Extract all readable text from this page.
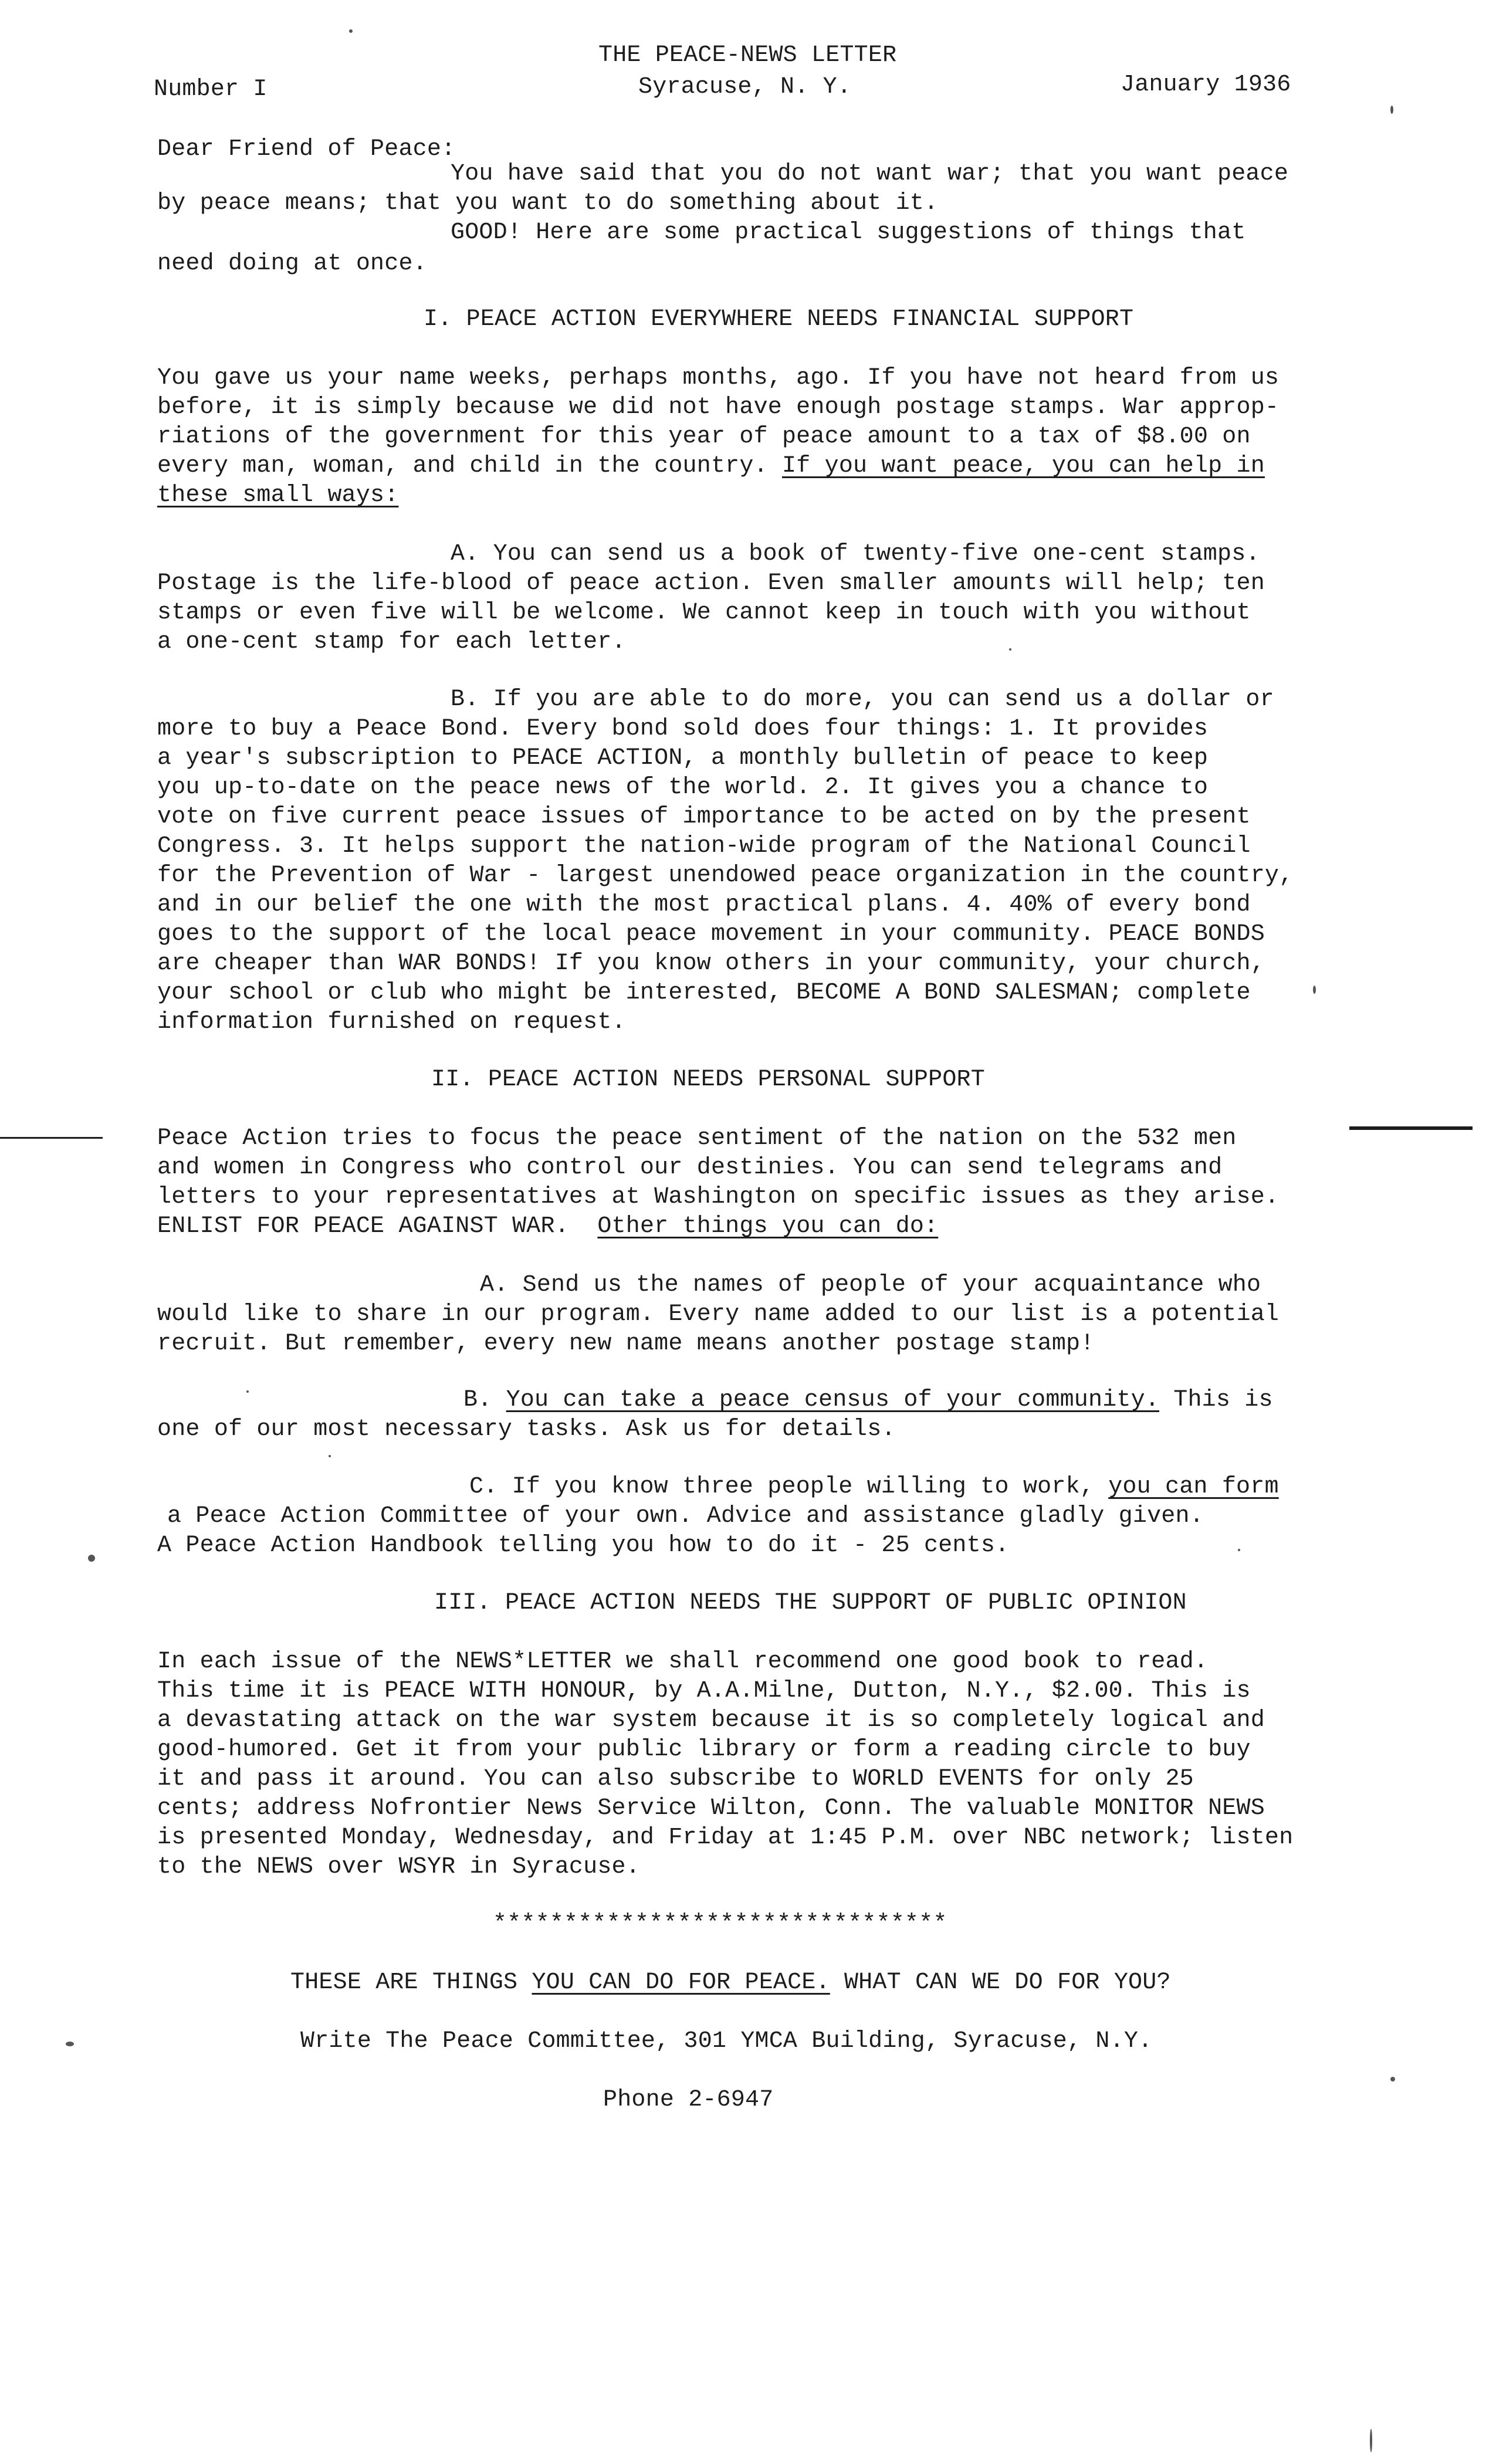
THE PEACE-NEWS LETTER
Number I	Syracuse, N. Y.	January 1936
Dear Friend of Peace:
You have said that you do not want war; that you want peace
by peace means; that you want to do something about it.
GOOD! Here are some practical suggestions of things that
need doing at once.
I. PEACE ACTION EVERYWHERE NEEDS FINANCIAL SUPPORT
You gave us your name weeks, perhaps months, ago. If you have not heard from us
before, it is simply because we did not have enough postage stamps. War approp-
riations of the government for this year of peace amount to a tax of $8.00 on
every man, woman, and child in the country. If you want peace, you can help in
these small ways:
A. You can send us a book of twenty-five one-cent stamps.
Postage is the life-blood of peace action. Even smaller amounts will help; ten
stamps or even five will be welcome. We cannot keep in touch with you without
a one-cent stamp for each letter.
B. If you are able to do more, you can send us a dollar or
more to buy a Peace Bond. Every bond sold does four things: 1. It provides
a year's subscription to PEACE ACTION, a monthly bulletin of peace to keep
you up-to-date on the peace news of the world. 2. It gives you a chance to
vote on five current peace issues of importance to be acted on by the present
Congress. 3. It helps support the nation-wide program of the National Council
for the Prevention of War - largest unendowed peace organization in the country,
and in our belief the one with the most practical plans. 4. 40% of every bond
goes to the support of the local peace movement in your community. PEACE BONDS
are cheaper than WAR BONDS! If you know others in your community, your church,
your school or club who might be interested, BECOME A BOND SALESMAN; complete
information furnished on request.
II. PEACE ACTION NEEDS PERSONAL SUPPORT
Peace Action tries to focus the peace sentiment of the nation on the 532 men
and women in Congress who control our destinies. You can send telegrams and
letters to your representatives at Washington on specific issues as they arise.
ENLIST FOR PEACE AGAINST WAR. Other things you can do:
A. Send us the names of people of your acquaintance who
would like to share in our program. Every name added to our list is a potential
recruit. But remember, every new name means another postage stamp!
B. You can take a peace census of your community. This is
one of our most necessary tasks. Ask us for details.
C. If you know three people willing to work, you can form
a Peace Action Committee of your own. Advice and assistance gladly given.
A Peace Action Handbook telling you how to do it - 25 cents.
III. PEACE ACTION NEEDS THE SUPPORT OF PUBLIC OPINION
In each issue of the NEWS*LETTER we shall recommend one good book to read.
This time it is PEACE WITH HONOUR, by A.A.Milne, Dutton, N.Y., $2.00. This is
a devastating attack on the war system because it is so completely logical and
good-humored. Get it from your public library or form a reading circle to buy
it and pass it around. You can also subscribe to WORLD EVENTS for only 25
cents; address Nofrontier News Service Wilton, Conn. The valuable MONITOR NEWS
is presented Monday, Wednesday, and Friday at 1:45 P.M. over NBC network; listen
to the NEWS over WSYR in Syracuse.
********************************
THESE ARE THINGS YOU CAN DO FOR PEACE. WHAT CAN WE DO FOR YOU?
Write The Peace Committee, 301 YMCA Building, Syracuse, N.Y.
Phone 2-6947
